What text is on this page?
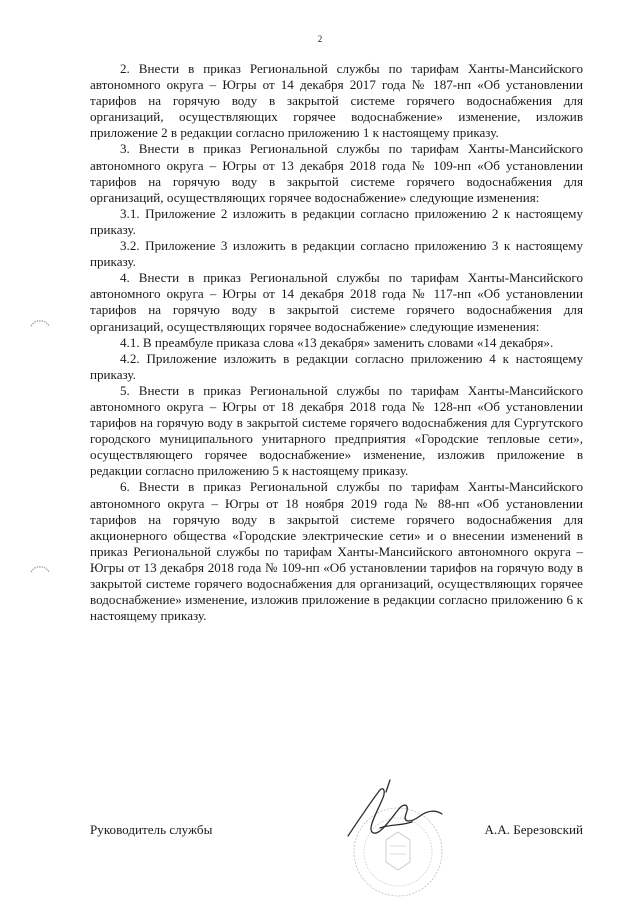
2

2. Внести в приказ Региональной службы по тарифам Ханты-Мансийского автономного округа – Югры от 14 декабря 2017 года № 187-нп «Об установлении тарифов на горячую воду в закрытой системе горячего водоснабжения для организаций, осуществляющих горячее водоснабжение» изменение, изложив приложение 2 в редакции согласно приложению 1 к настоящему приказу.

3. Внести в приказ Региональной службы по тарифам Ханты-Мансийского автономного округа – Югры от 13 декабря 2018 года № 109-нп «Об установлении тарифов на горячую воду в закрытой системе горячего водоснабжения для организаций, осуществляющих горячее водоснабжение» следующие изменения:

3.1. Приложение 2 изложить в редакции согласно приложению 2 к настоящему приказу.

3.2. Приложение 3 изложить в редакции согласно приложению 3 к настоящему приказу.

4. Внести в приказ Региональной службы по тарифам Ханты-Мансийского автономного округа – Югры от 14 декабря 2018 года № 117-нп «Об установлении тарифов на горячую воду в закрытой системе горячего водоснабжения для организаций, осуществляющих горячее водоснабжение» следующие изменения:

4.1. В преамбуле приказа слова «13 декабря» заменить словами «14 декабря».

4.2. Приложение изложить в редакции согласно приложению 4 к настоящему приказу.

5. Внести в приказ Региональной службы по тарифам Ханты-Мансийского автономного округа – Югры от 18 декабря 2018 года № 128-нп «Об установлении тарифов на горячую воду в закрытой системе горячего водоснабжения для Сургутского городского муниципального унитарного предприятия «Городские тепловые сети», осуществляющего горячее водоснабжение» изменение, изложив приложение в редакции согласно приложению 5 к настоящему приказу.

6. Внести в приказ Региональной службы по тарифам Ханты-Мансийского автономного округа – Югры от 18 ноября 2019 года № 88-нп «Об установлении тарифов на горячую воду в закрытой системе горячего водоснабжения для акционерного общества «Городские электрические сети» и о внесении изменений в приказ Региональной службы по тарифам Ханты-Мансийского автономного округа – Югры от 13 декабря 2018 года № 109-нп «Об установлении тарифов на горячую воду в закрытой системе горячего водоснабжения для организаций, осуществляющих горячее водоснабжение» изменение, изложив приложение в редакции согласно приложению 6 к настоящему приказу.

Руководитель службы	А.А. Березовский
